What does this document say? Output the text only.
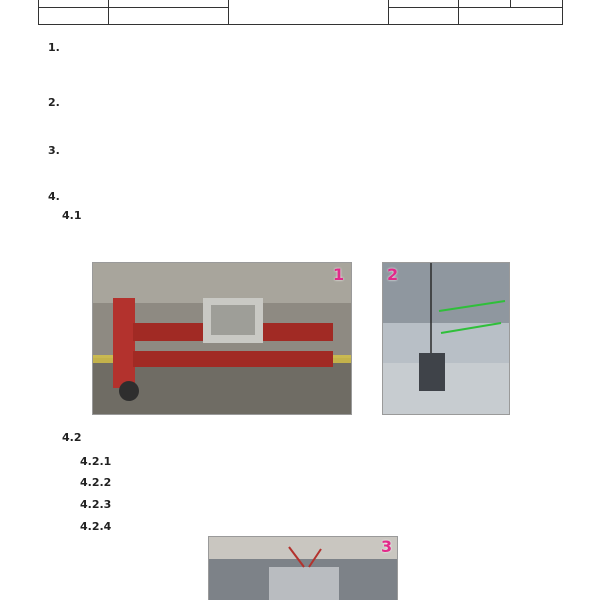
1.
2.
3.
4.
4.1
1	2
4.2
4.2.1
4.2.2
4.2.3
4.2.4
3
